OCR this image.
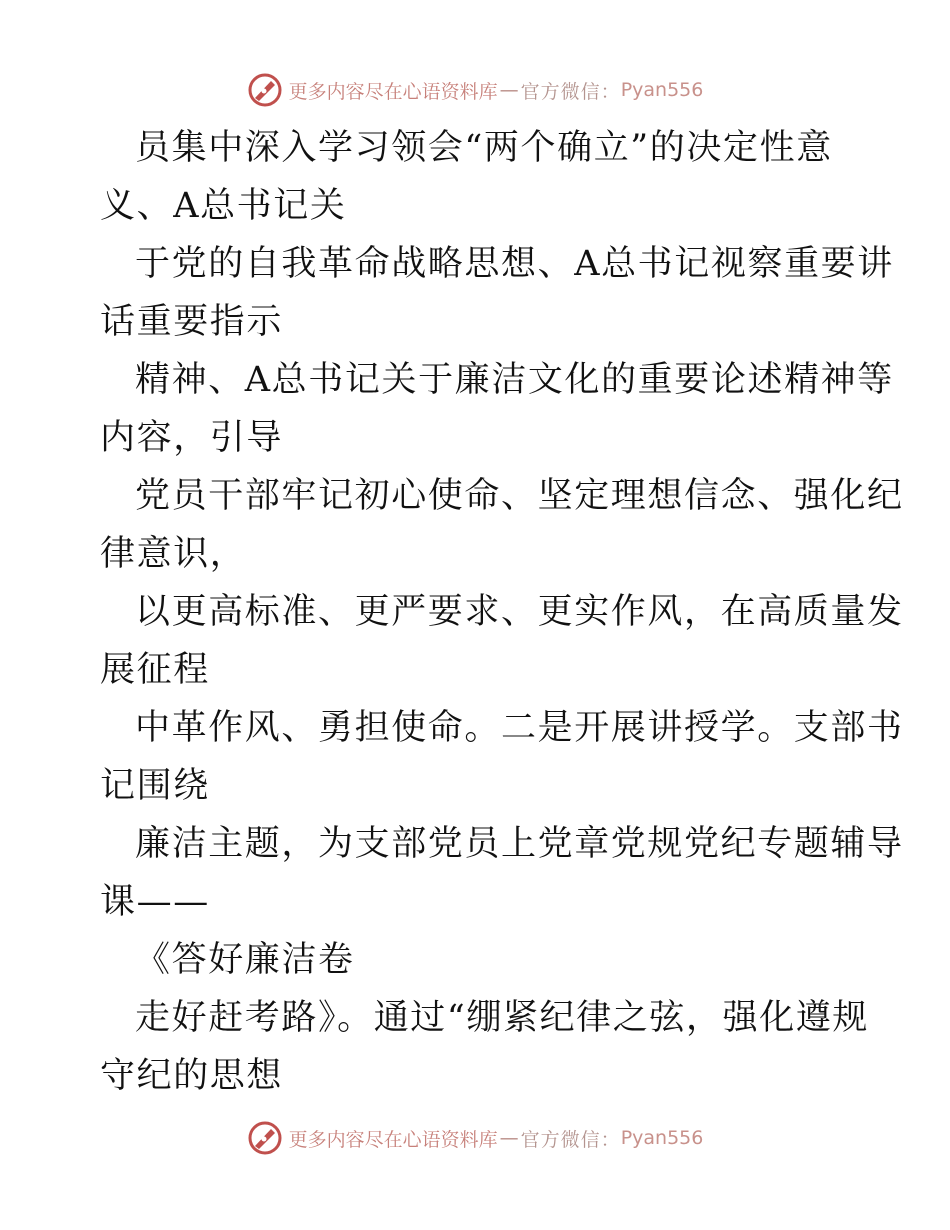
更多内容尽在心语资料库 — 官方微信： Pyan556
员集中深入学习领会“两个确立”的决定性意
义、A总书记关
于党的自我革命战略思想、A总书记视察重要讲
话重要指示
精神、A总书记关于廉洁文化的重要论述精神等
内容，引导
党员干部牢记初心使命、坚定理想信念、强化纪
律意识，
以更高标准、更严要求、更实作风，在高质量发
展征程
中革作风、勇担使命。二是开展讲授学。支部书
记围绕
廉洁主题，为支部党员上党章党规党纪专题辅导
课——
《答好廉洁卷
走好赶考路》。通过“绷紧纪律之弦，强化遵规
守纪的思想
更多内容尽在心语资料库 — 官方微信： Pyan556
